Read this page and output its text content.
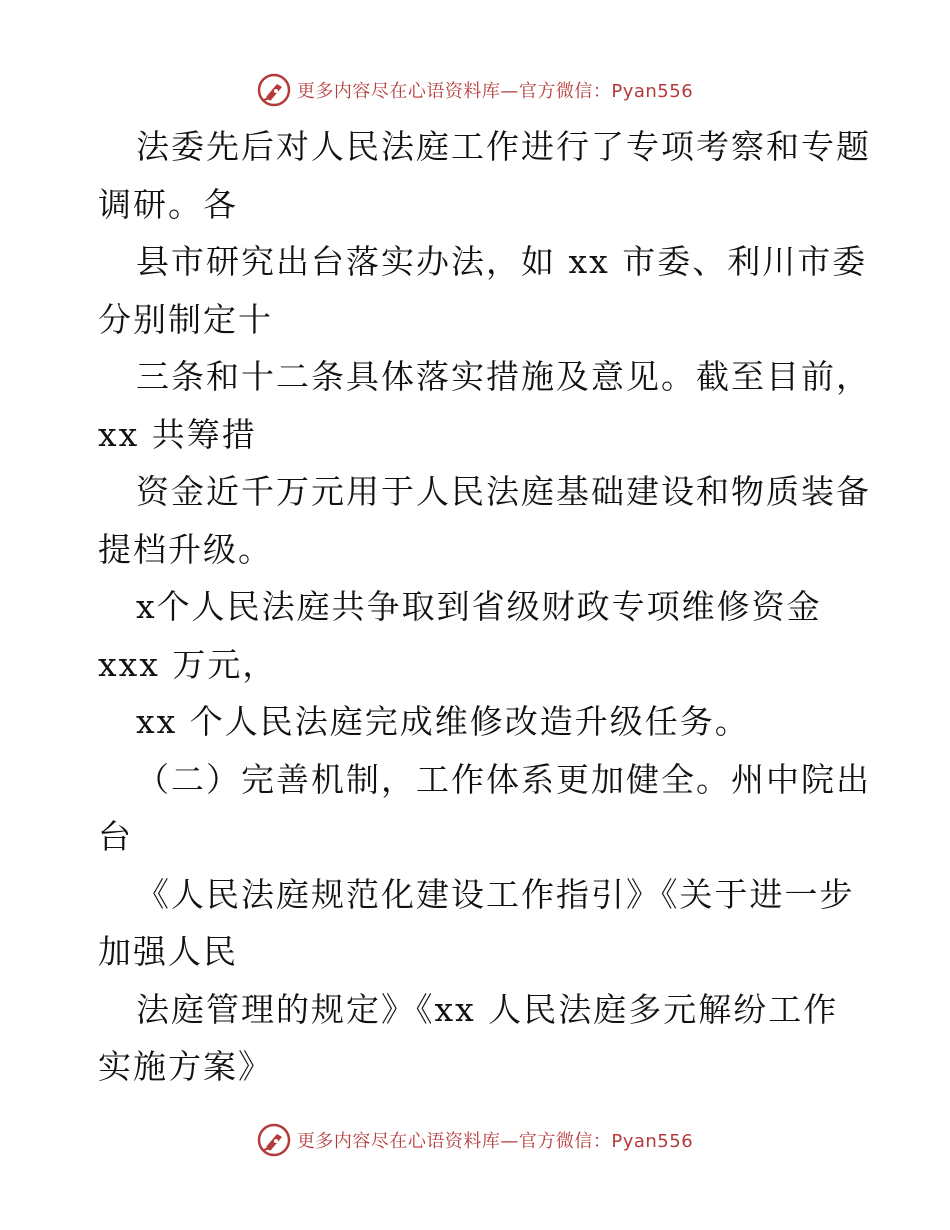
更多内容尽在心语资料库—官方微信：Pyan556
法委先后对人民法庭工作进行了专项考察和专题
调研。各
县市研究出台落实办法，如 xx 市委、利川市委
分别制定十
三条和十二条具体落实措施及意见。截至目前，
xx 共筹措
资金近千万元用于人民法庭基础建设和物质装备
提档升级。
x个人民法庭共争取到省级财政专项维修资金
xxx 万元，
xx 个人民法庭完成维修改造升级任务。
（二）完善机制，工作体系更加健全。州中院出
台
《人民法庭规范化建设工作指引》《关于进一步
加强人民
法庭管理的规定》《xx 人民法庭多元解纷工作
实施方案》
更多内容尽在心语资料库—官方微信：Pyan556
